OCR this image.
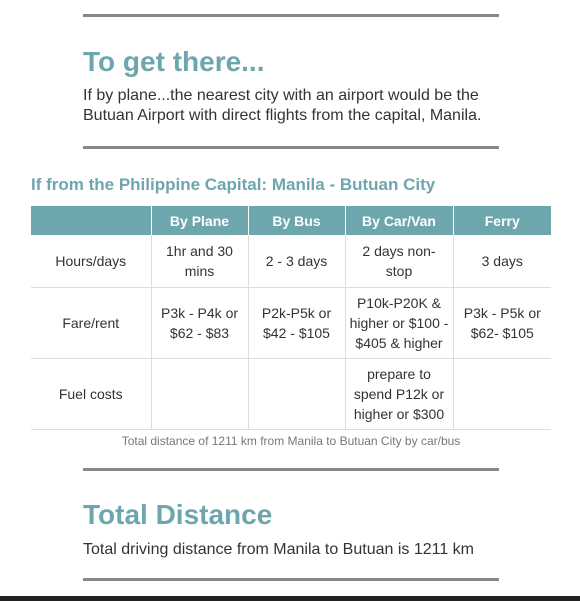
To get there...

If by plane...the nearest city with an airport would be the Butuan Airport with direct flights from the capital, Manila.

If from the Philippine Capital: Manila - Butuan City
	By Plane	By Bus	By Car/Van	Ferry
Hours/days	1hr and 30 mins	2 - 3 days	2 days non-stop	3 days
Fare/rent	P3k - P4k or $62 - $83	P2k-P5k or $42 - $105	P10k-P20K & higher or $100 - $405 & higher	P3k - P5k or $62- $105
Fuel costs			prepare to spend P12k or higher or $300	
Total distance of 1211 km from Manila to Butuan City by car/bus
Total Distance

Total driving distance from Manila to Butuan is 1211 km
